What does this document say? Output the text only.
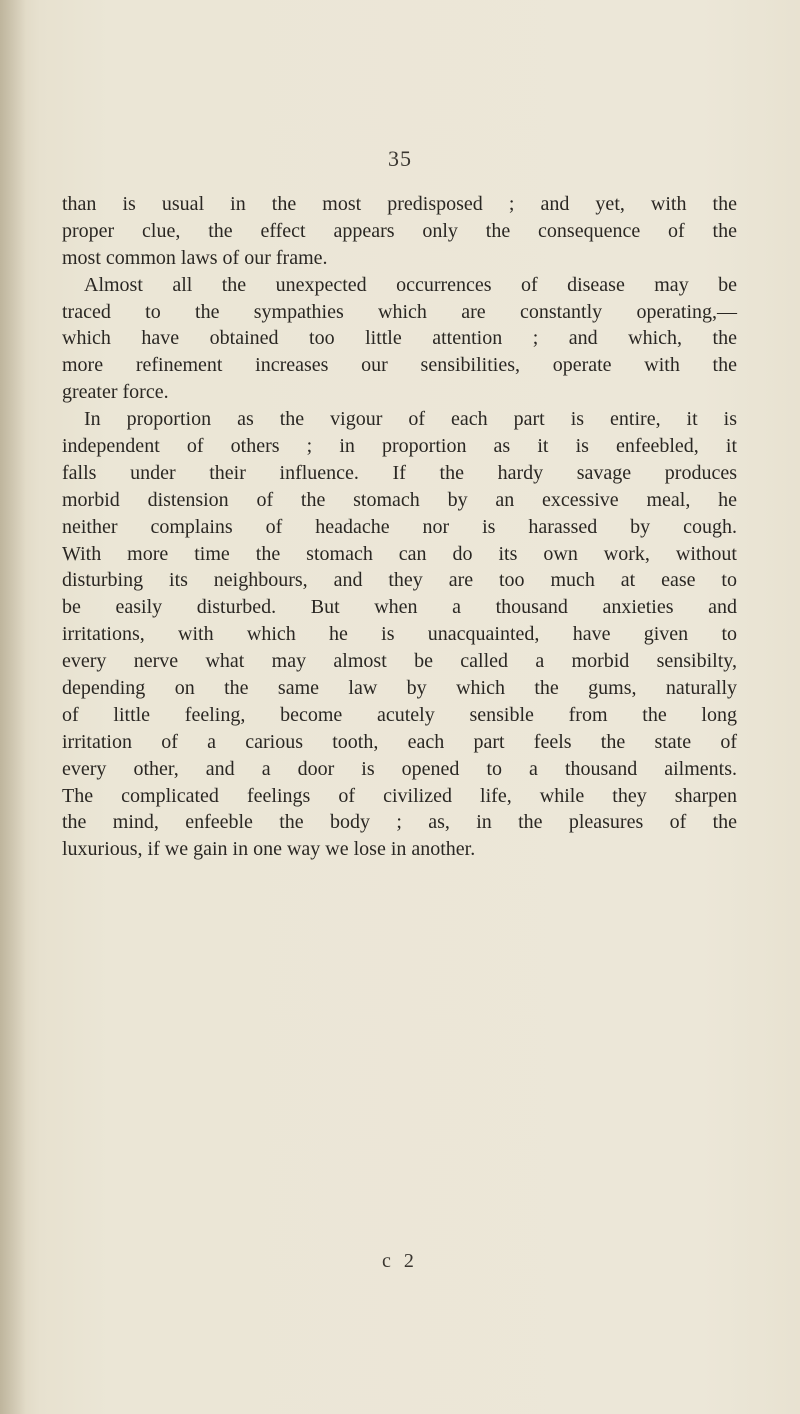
35
than is usual in the most predisposed ; and yet, with the
proper clue, the effect appears only the consequence of the
most common laws of our frame.
Almost all the unexpected occurrences of disease may be
traced to the sympathies which are constantly operating,—
which have obtained too little attention ; and which, the
more refinement increases our sensibilities, operate with the
greater force.
In proportion as the vigour of each part is entire, it is
independent of others ; in proportion as it is enfeebled, it
falls under their influence. If the hardy savage produces
morbid distension of the stomach by an excessive meal, he
neither complains of headache nor is harassed by cough.
With more time the stomach can do its own work, without
disturbing its neighbours, and they are too much at ease to
be easily disturbed. But when a thousand anxieties and
irritations, with which he is unacquainted, have given to
every nerve what may almost be called a morbid sensibilty,
depending on the same law by which the gums, naturally
of little feeling, become acutely sensible from the long
irritation of a carious tooth, each part feels the state of
every other, and a door is opened to a thousand ailments.
The complicated feelings of civilized life, while they sharpen
the mind, enfeeble the body ; as, in the pleasures of the
luxurious, if we gain in one way we lose in another.
c 2
